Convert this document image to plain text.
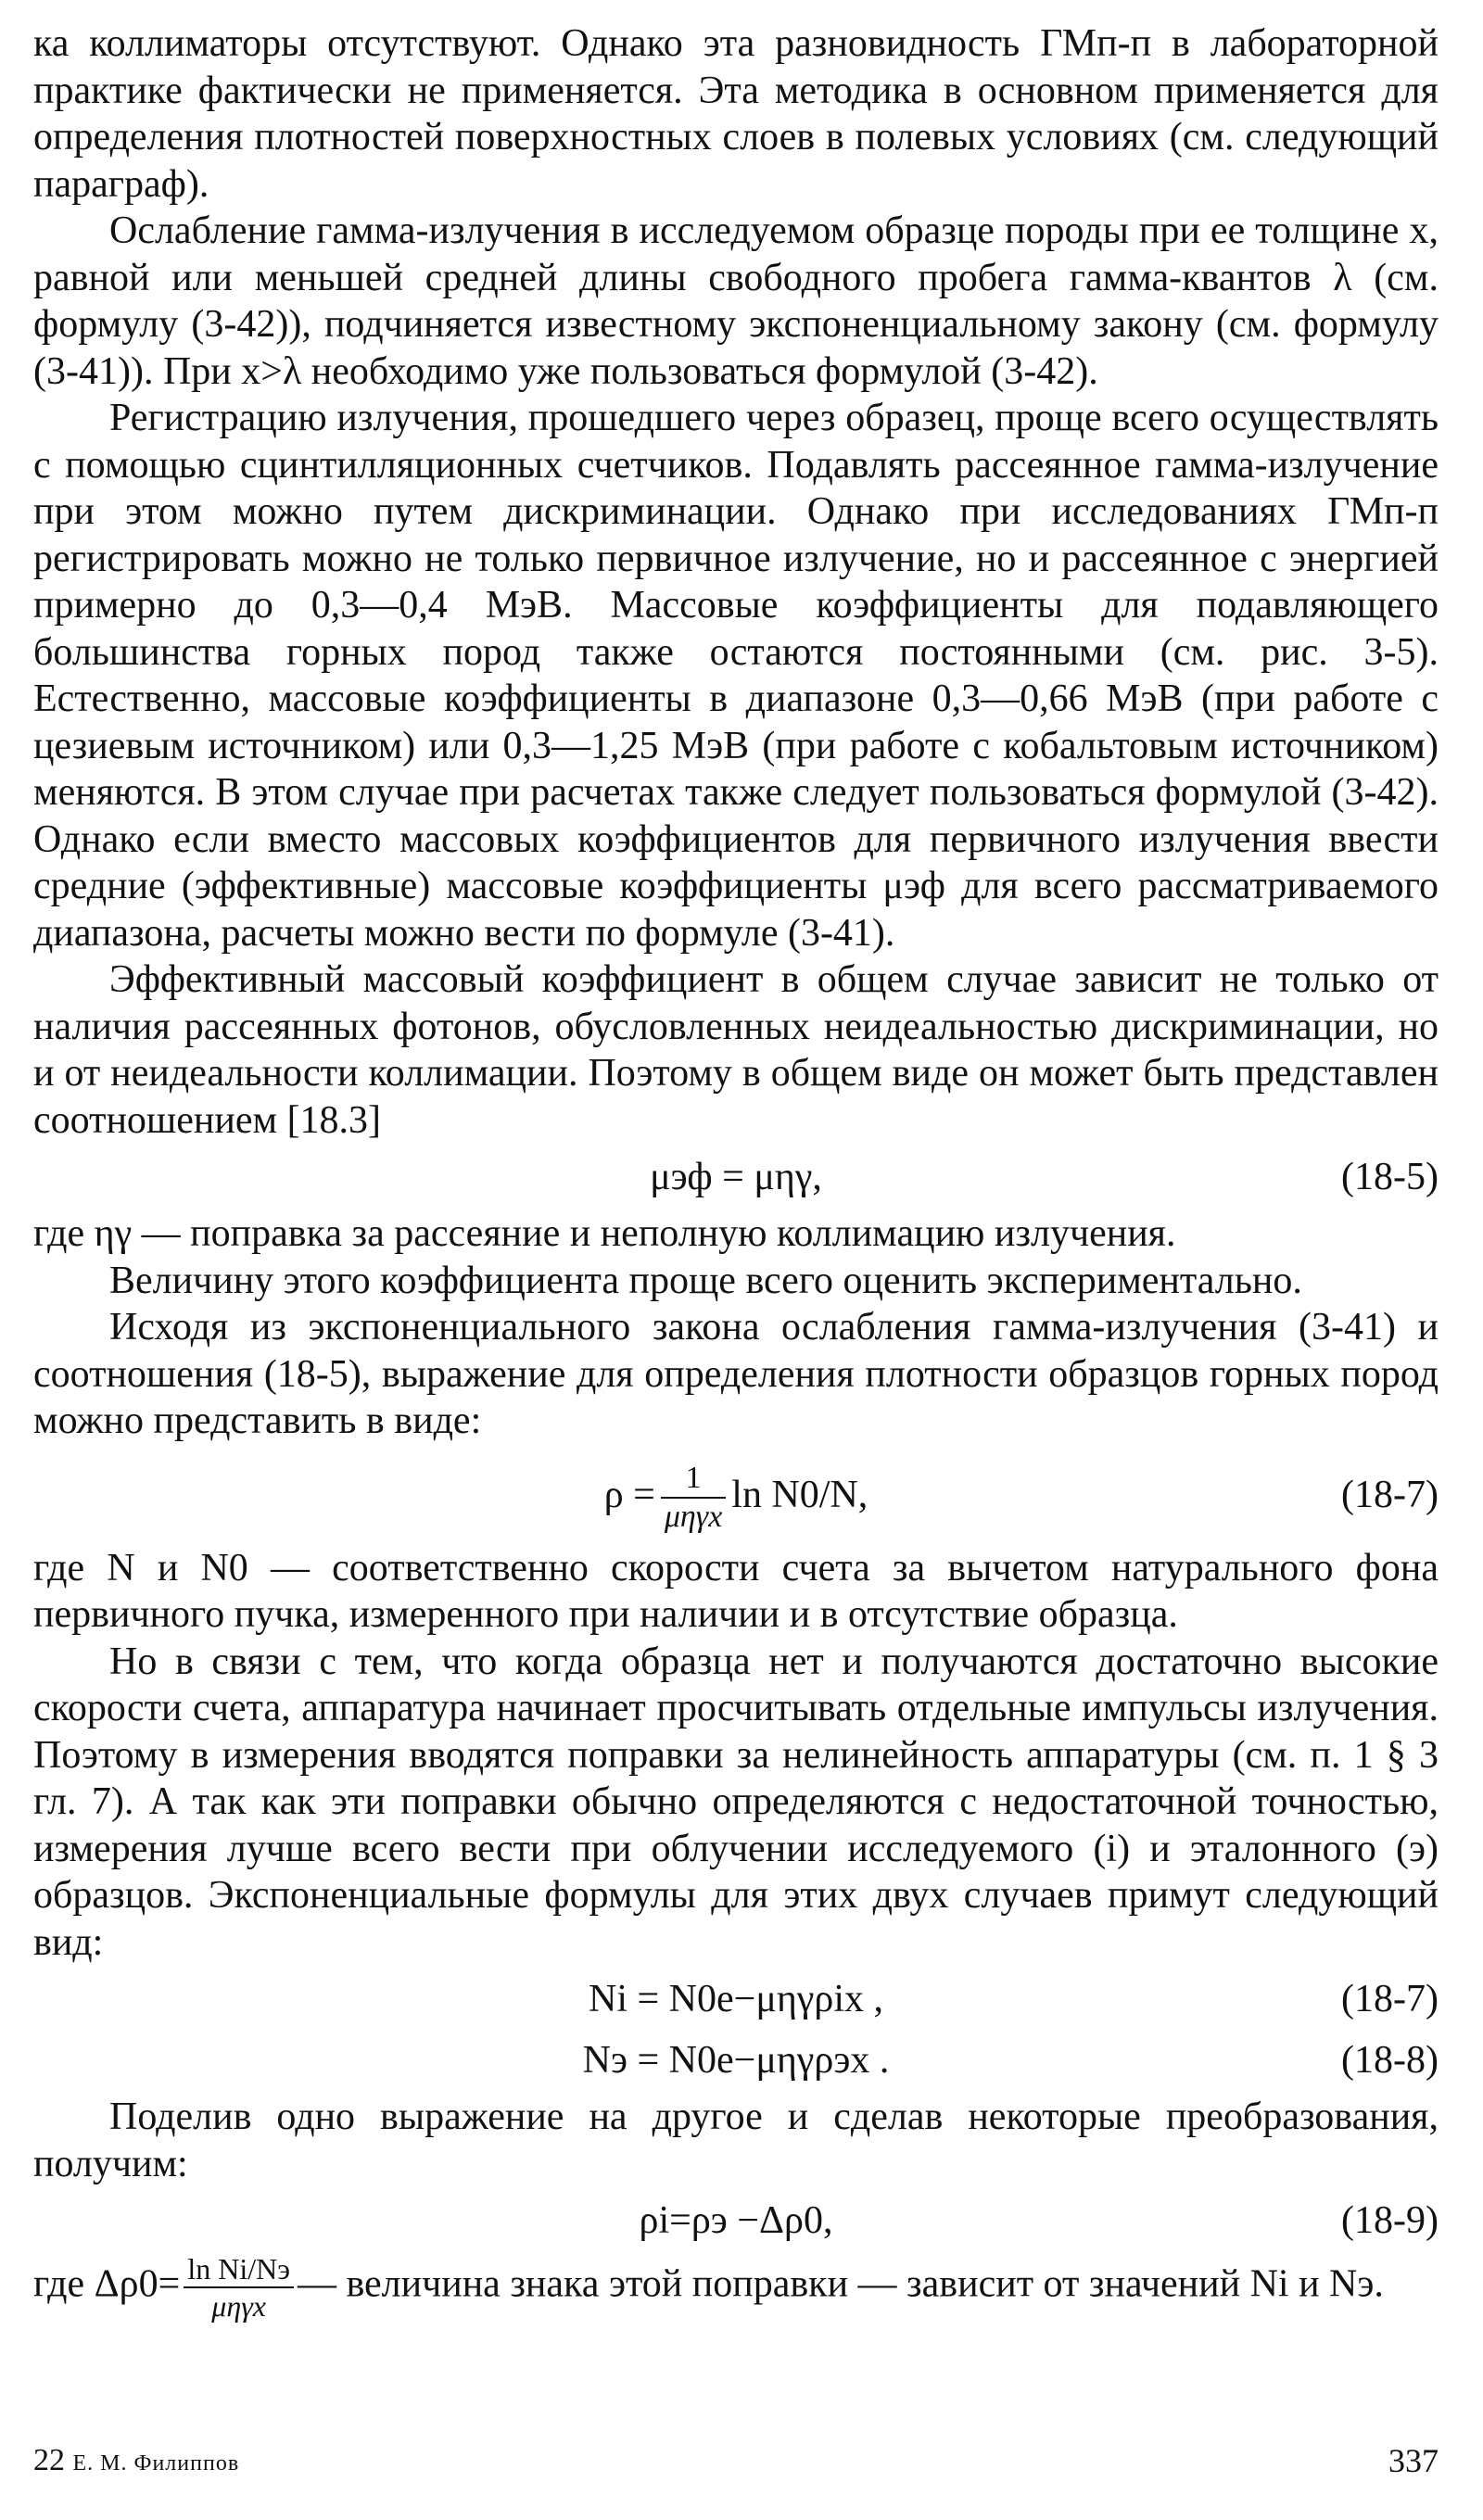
ка коллиматоры отсутствуют. Однако эта разновидность ГМп-п в лабораторной практике фактически не применяется. Эта методика в основном применяется для определения плотностей поверхностных слоев в полевых условиях (см. следующий параграф).

Ослабление гамма-излучения в исследуемом образце породы при ее толщине x, равной или меньшей средней длины свободного пробега гамма-квантов λ (см. формулу (3-42)), подчиняется известному экспоненциальному закону (см. формулу (3-41)). При x>λ необходимо уже пользоваться формулой (3-42).

Регистрацию излучения, прошедшего через образец, проще всего осуществлять с помощью сцинтилляционных счетчиков. Подавлять рассеянное гамма-излучение при этом можно путем дискриминации. Однако при исследованиях ГМп-п регистрировать можно не только первичное излучение, но и рассеянное с энергией примерно до 0,3—0,4 МэВ. Массовые коэффициенты для подавляющего большинства горных пород также остаются постоянными (см. рис. 3-5). Естественно, массовые коэффициенты в диапазоне 0,3—0,66 МэВ (при работе с цезиевым источником) или 0,3—1,25 МэВ (при работе с кобальтовым источником) меняются. В этом случае при расчетах также следует пользоваться формулой (3-42). Однако если вместо массовых коэффициентов для первичного излучения ввести средние (эффективные) массовые коэффициенты μэф для всего рассматриваемого диапазона, расчеты можно вести по формуле (3-41).

Эффективный массовый коэффициент в общем случае зависит не только от наличия рассеянных фотонов, обусловленных неидеальностью дискриминации, но и от неидеальности коллимации. Поэтому в общем виде он может быть представлен соотношением [18.3]

μэф = μηγ,	(18-5)

где ηγ — поправка за рассеяние и неполную коллимацию излучения.

Величину этого коэффициента проще всего оценить экспериментально.

Исходя из экспоненциального закона ослабления гамма-излучения (3-41) и соотношения (18-5), выражение для определения плотности образцов горных пород можно представить в виде:

$\rho = \frac{1}{\text{μηγx}}$ ln N0/N,	(18-7)

где N и N0 — соответственно скорости счета за вычетом натурального фона первичного пучка, измеренного при наличии и в отсутствие образца.

Но в связи с тем, что когда образца нет и получаются достаточно высокие скорости счета, аппаратура начинает просчитывать отдельные импульсы излучения. Поэтому в измерения вводятся поправки за нелинейность аппаратуры (см. п. 1 § 3 гл. 7). А так как эти поправки обычно определяются с недостаточной точностью, измерения лучше всего вести при облучении исследуемого (i) и эталонного (э) образцов. Экспоненциальные формулы для этих двух случаев примут следующий вид:

Ni = N0e−μηγρix ,	(18-7)
Nэ = N0e−μηγρэx .	(18-8)

Поделив одно выражение на другое и сделав некоторые преобразования, получим:

ρi=ρэ −Δρ0,	(18-9)

где Δρ0= ln Ni/Nэ
μηγx
— величина знака этой поправки — зависит от значений Ni и Nэ.

22 Е. М. Филиппов	337
